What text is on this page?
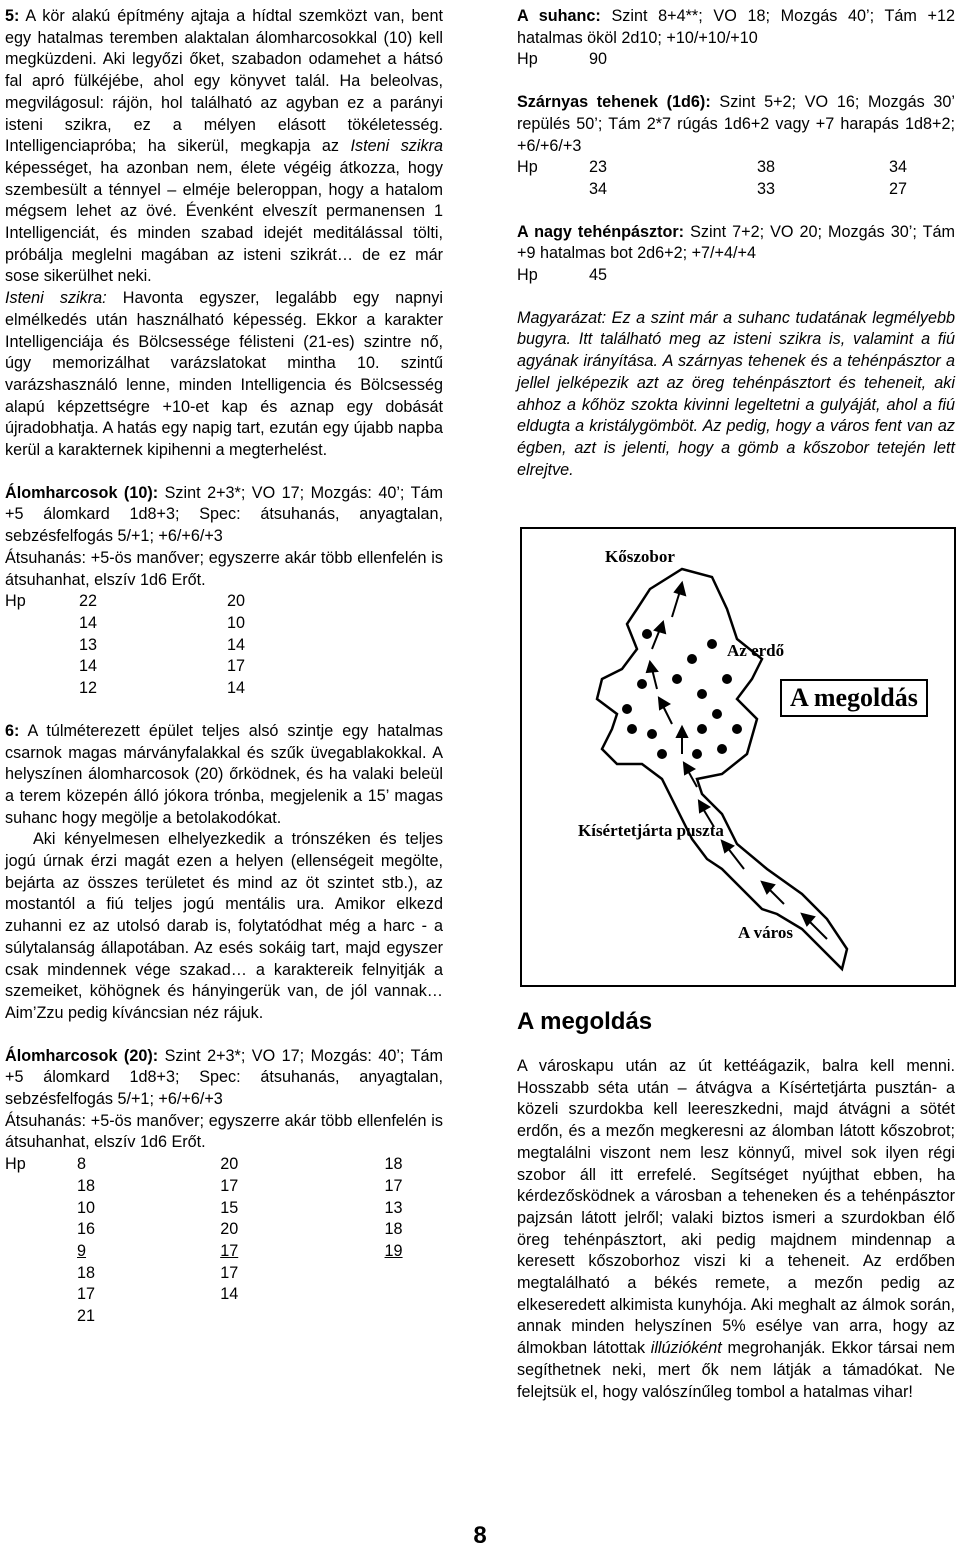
5: A kör alakú építmény ajtaja a hídtal szemközt van, bent egy hatalmas teremben alaktalan álomharcosokkal (10) kell megküzdeni. Aki legyőzi őket, szabadon odamehet a hátsó fal apró fülkéjébe, ahol egy könyvet talál. Ha beleolvas, megvilágosul: rájön, hol található az agyban ez a parányi isteni szikra, ez a mélyen elásott tökéletesség. Intelligenciapróba; ha sikerül, megkapja az Isteni szikra képességet, ha azonban nem, élete végéig átkozza, hogy szembesült a ténnyel – elméje beleroppan, hogy a hatalom mégsem lehet az övé. Évenként elveszít permanensen 1 Intelligenciát, és minden szabad idejét meditálással tölti, próbálja meglelni magában az isteni szikrát… de ez már sose sikerülhet neki.

Isteni szikra: Havonta egyszer, legalább egy napnyi elmélkedés után használható képesség. Ekkor a karakter Intelligenciája és Bölcsessége félisteni (21-es) szintre nő, úgy memorizálhat varázslatokat mintha 10. szintű varázshasználó lenne, minden Intelligencia és Bölcsesség alapú képzettségre +10-et kap és aznap egy dobását újradobhatja. A hatás egy napig tart, ezután egy újabb napba kerül a karakternek kipihenni a megterhelést.

Álomharcosok (10): Szint 2+3*; VO 17; Mozgás: 40’; Tám +5 álomkard 1d8+3; Spec: átsuhanás, anyagtalan, sebzésfelfogás 5/+1; +6/+6/+3
Átsuhanás: +5-ös manőver; egyszerre akár több ellenfelén is átsuhanhat, elszív 1d6 Erőt.

Hp	22	20
	14	10
	13	14
	14	17
	12	14

6: A túlméterezett épület teljes alsó szintje egy hatalmas csarnok magas márványfalakkal és szűk üvegablakokkal. A helyszínen álomharcosok (20) őrködnek, és ha valaki beleül a terem közepén álló jókora trónba, megjelenik a 15’ magas suhanc hogy megölje a betolakodókat.

Aki kényelmesen elhelyezkedik a trónszéken és teljes jogú úrnak érzi magát ezen a helyen (ellenségeit megölte, bejárta az összes területet és mind az öt szintet stb.), az mostantól a fiú teljes jogú mentális ura. Amikor elkezd zuhanni ez az utolsó darab is, folytatódhat még a harc - a súlytalanság állapotában. Az esés sokáig tart, majd egyszer csak mindennek vége szakad… a karaktereik felnyitják a szemeiket, köhögnek és hányingerük van, de jól vannak… Aim’Zzu pedig kíváncsian néz rájuk.

Álomharcosok (20): Szint 2+3*; VO 17; Mozgás: 40’; Tám +5 álomkard 1d8+3; Spec: átsuhanás, anyagtalan, sebzésfelfogás 5/+1; +6/+6/+3
Átsuhanás: +5-ös manőver; egyszerre akár több ellenfelén is átsuhanhat, elszív 1d6 Erőt.

Hp	8	20	18
	18	17	17
	10	15	13
	16	20	18
	9	17	19
	18	17	
	17	14	
	21		

A suhanc: Szint 8+4**; VO 18; Mozgás 40’; Tám +12 hatalmas ököl 2d10; +10/+10/+10

Hp	90

Szárnyas tehenek (1d6): Szint 5+2; VO 16; Mozgás 30’ repülés 50’; Tám 2*7 rúgás 1d6+2 vagy +7 harapás 1d8+2; +6/+6/+3

Hp	23	38	34
	34	33	27

A nagy tehénpásztor: Szint 7+2; VO 20; Mozgás 30’; Tám +9 hatalmas bot 2d6+2; +7/+4/+4

Hp	45

Magyarázat: Ez a szint már a suhanc tudatának legmélyebb bugyra. Itt található meg az isteni szikra is, valamint a fiú agyának irányítása. A szárnyas tehenek és a tehénpásztor a jellel jelképezik azt az öreg tehénpásztort és teheneit, aki ahhoz a kőhöz szokta kivinni legeltetni a gulyáját, ahol a fiú eldugta a kristálygömböt. Az pedig, hogy a város fent van az égben, azt is jelenti, hogy a gömb a kőszobor tetején lett elrejtve.

Kőszobor
Az erdő
A megoldás
Kísértetjárta puszta
A város

A megoldás

A városkapu után az út kettéágazik, balra kell menni. Hosszabb séta után – átvágva a Kísértetjárta pusztán- a közeli szurdokba kell leereszkedni, majd átvágni a sötét erdőn, és a mezőn megkeresni az álomban látott kőszobrot; megtalálni viszont nem lesz könnyű, mivel sok ilyen régi szobor áll itt errefelé. Segítséget nyújthat ebben, ha kérdezősködnek a városban a teheneken és a tehénpásztor pajzsán látott jelről; valaki biztos ismeri a szurdokban élő öreg tehénpásztort, aki pedig majdnem mindennap a keresett kőszoborhoz viszi ki a teheneit. Az erdőben megtalálható a békés remete, a mezőn pedig az elkeseredett alkimista kunyhója. Aki meghalt az álmok során, annak minden helyszínen 5% esélye van arra, hogy az álmokban látottak illúzióként megrohanják. Ekkor társai nem segíthetnek neki, mert ők nem látják a támadókat. Ne felejtsük el, hogy valószínűleg tombol a hatalmas vihar!

8
